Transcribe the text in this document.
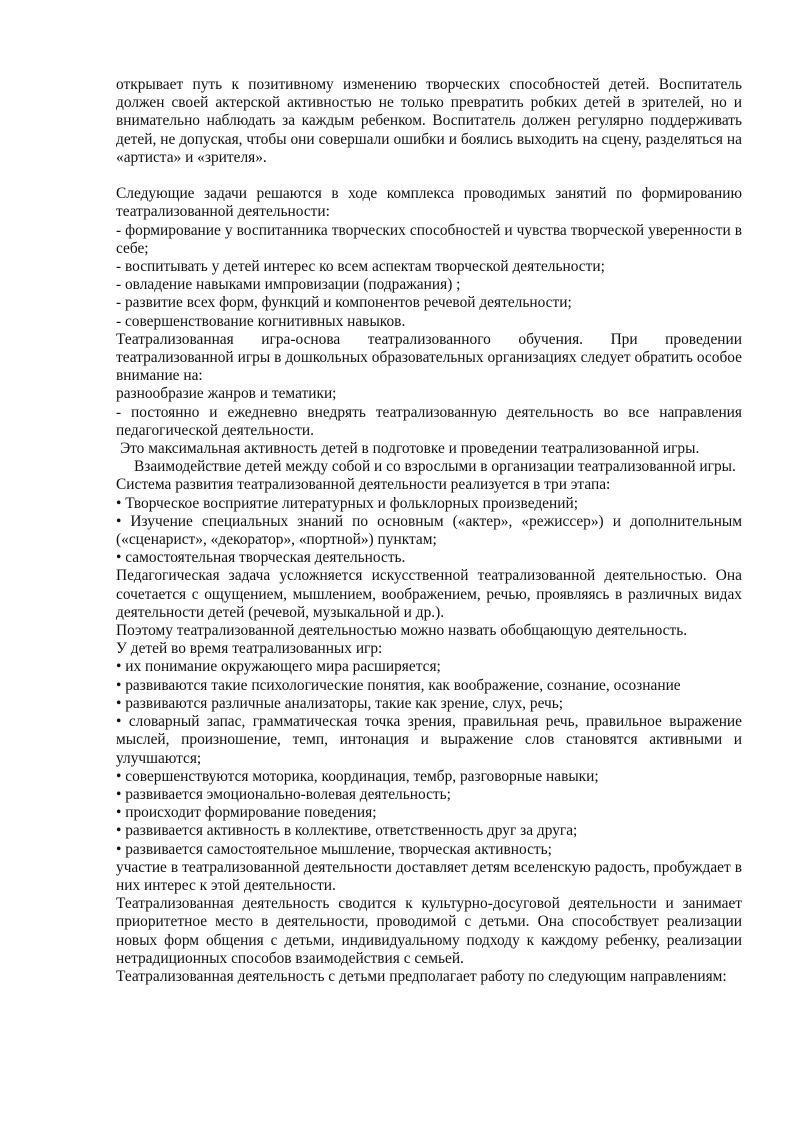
открывает путь к позитивному изменению творческих способностей детей. Воспитатель должен своей актерской активностью не только превратить робких детей в зрителей, но и внимательно наблюдать за каждым ребенком. Воспитатель должен регулярно поддерживать детей, не допуская, чтобы они совершали ошибки и боялись выходить на сцену, разделяться на «артиста» и «зрителя».

Следующие задачи решаются в ходе комплекса проводимых занятий по формированию театрализованной деятельности:

- формирование у воспитанника творческих способностей и чувства творческой уверенности в себе;

- воспитывать у детей интерес ко всем аспектам творческой деятельности;

- овладение навыками импровизации (подражания) ;

- развитие всех форм, функций и компонентов речевой деятельности;

- совершенствование когнитивных навыков.

Театрализованная игра-основа театрализованного обучения. При проведении театрализованной игры в дошкольных образовательных организациях следует обратить особое внимание на:

разнообразие жанров и тематики;

- постоянно и ежедневно внедрять театрализованную деятельность во все направления педагогической деятельности.

Это максимальная активность детей в подготовке и проведении театрализованной игры.

Взаимодействие детей между собой и со взрослыми в организации театрализованной игры.

Система развития театрализованной деятельности реализуется в три этапа:

• Творческое восприятие литературных и фольклорных произведений;

• Изучение специальных знаний по основным («актер», «режиссер») и дополнительным («сценарист», «декоратор», «портной») пунктам;

• самостоятельная творческая деятельность.

Педагогическая задача усложняется искусственной театрализованной деятельностью. Она сочетается с ощущением, мышлением, воображением, речью, проявляясь в различных видах деятельности детей (речевой, музыкальной и др.).

Поэтому театрализованной деятельностью можно назвать обобщающую деятельность.

У детей во время театрализованных игр:

• их понимание окружающего мира расширяется;

• развиваются такие психологические понятия, как воображение, сознание, осознание

• развиваются различные анализаторы, такие как зрение, слух, речь;

• словарный запас, грамматическая точка зрения, правильная речь, правильное выражение мыслей, произношение, темп, интонация и выражение слов становятся активными и улучшаются;

• совершенствуются моторика, координация, тембр, разговорные навыки;

• развивается эмоционально-волевая деятельность;

• происходит формирование поведения;

• развивается активность в коллективе, ответственность друг за друга;

• развивается самостоятельное мышление, творческая активность;

участие в театрализованной деятельности доставляет детям вселенскую радость, пробуждает в них интерес к этой деятельности.

Театрализованная деятельность сводится к культурно-досуговой деятельности и занимает приоритетное место в деятельности, проводимой с детьми. Она способствует реализации новых форм общения с детьми, индивидуальному подходу к каждому ребенку, реализации нетрадиционных способов взаимодействия с семьей.

Театрализованная деятельность с детьми предполагает работу по следующим направлениям:
